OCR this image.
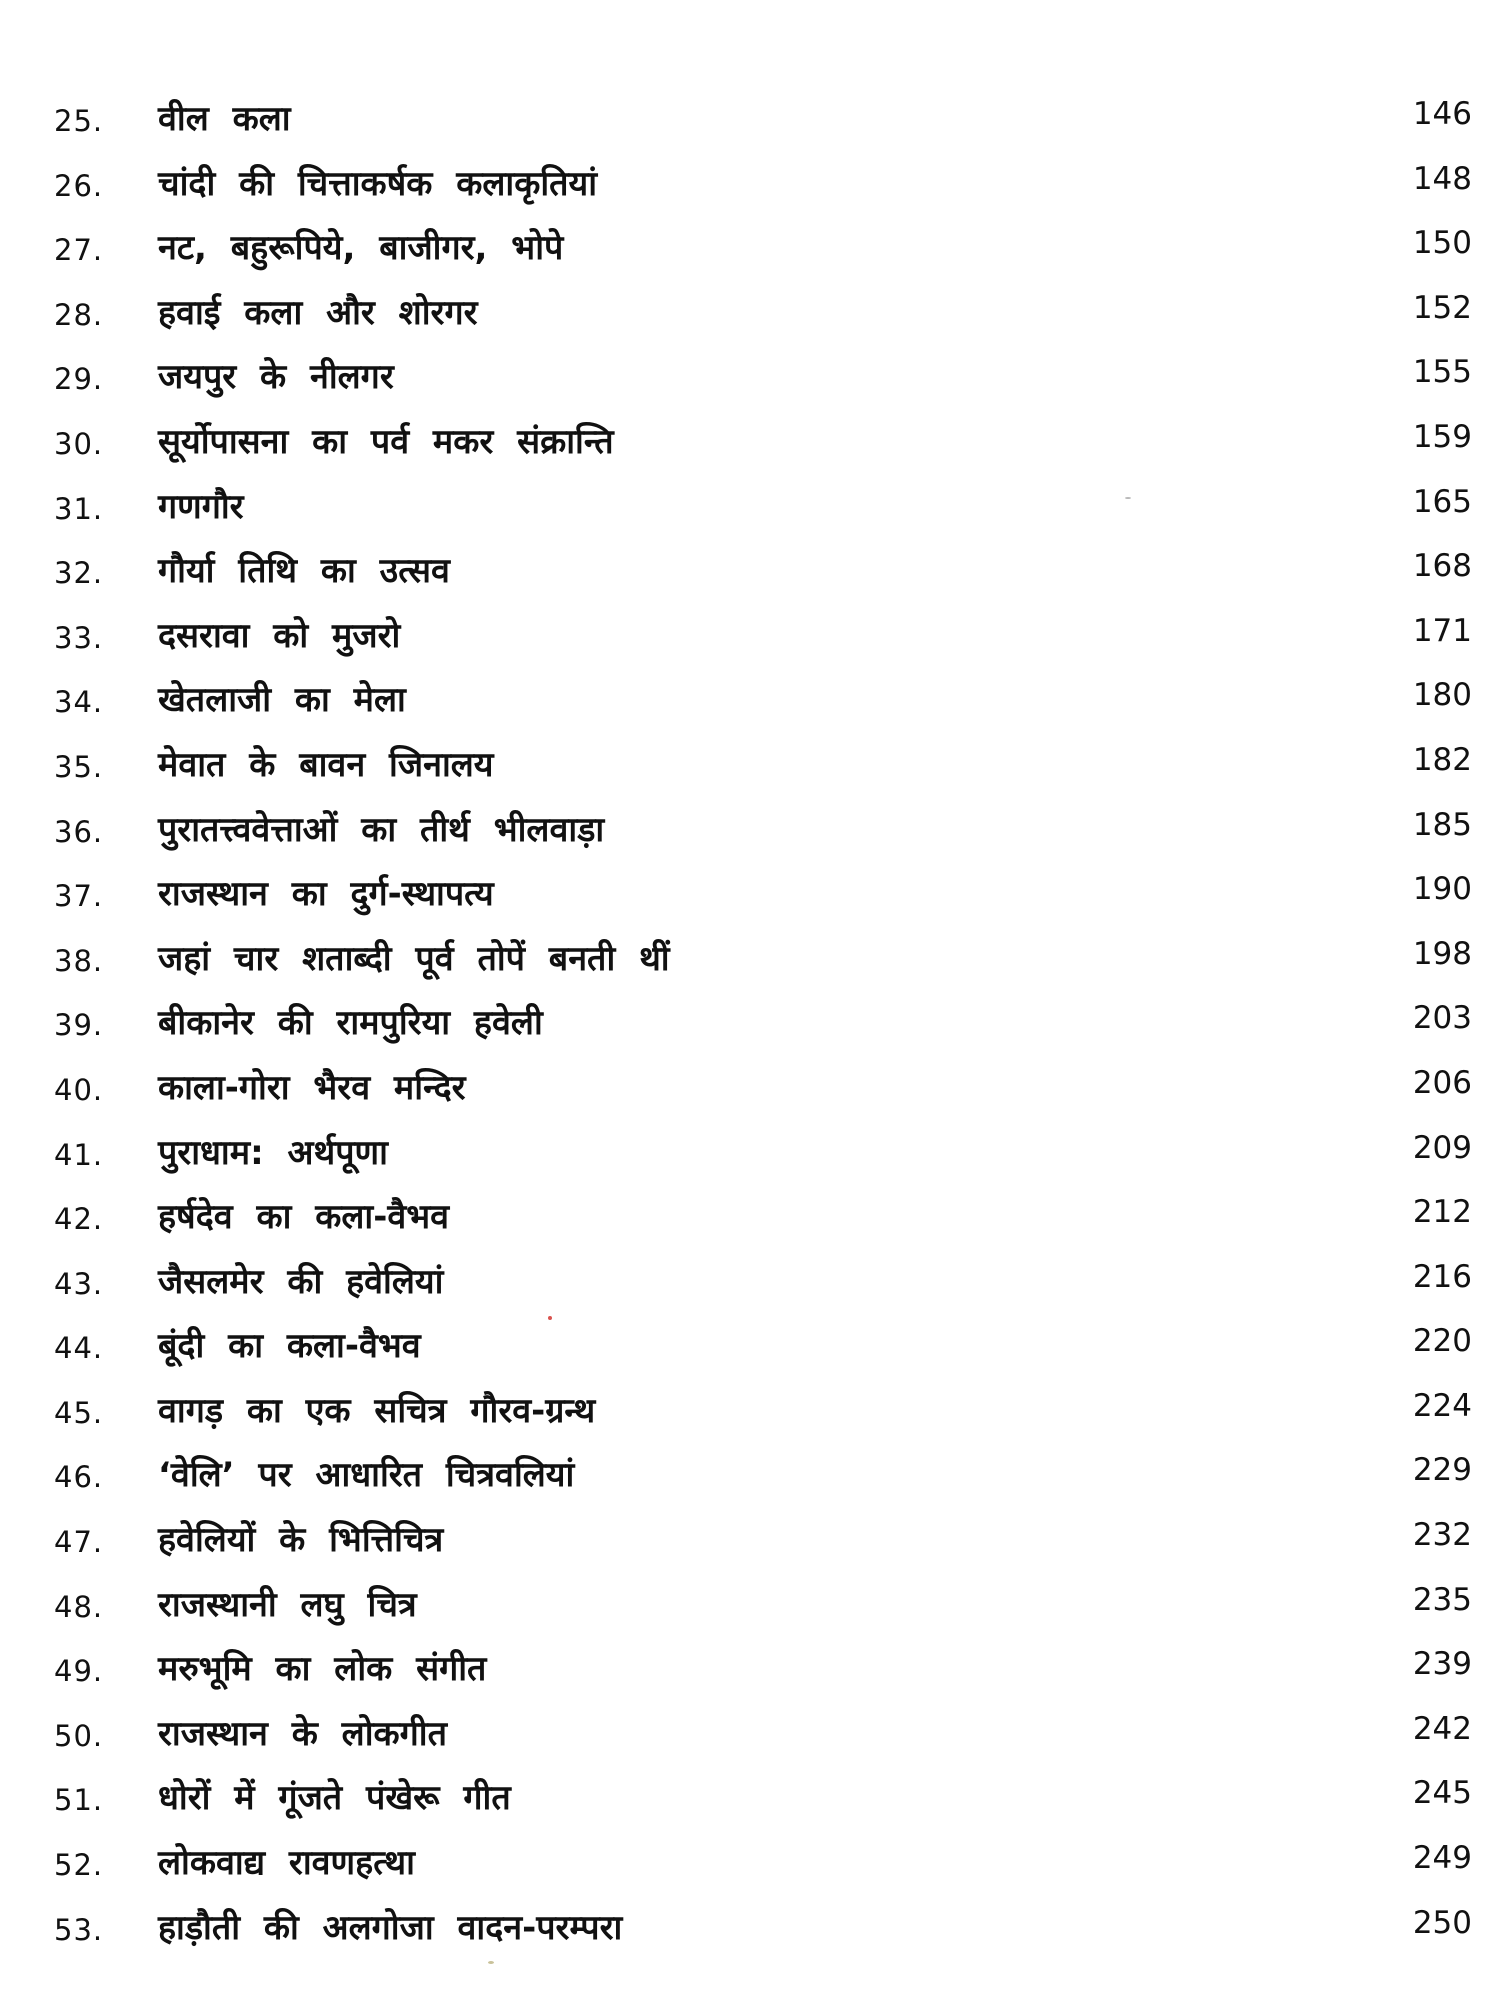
25. वील कला	146
26. चांदी की चित्ताकर्षक कलाकृतियां	148
27. नट, बहुरूपिये, बाजीगर, भोपे	150
28. हवाई कला और शोरगर	152
29. जयपुर के नीलगर	155
30. सूर्योपासना का पर्व मकर संक्रान्ति	159
31. गणगौर	165
32. गौर्या तिथि का उत्सव	168
33. दसरावा को मुजरो	171
34. खेतलाजी का मेला	180
35. मेवात के बावन जिनालय	182
36. पुरातत्त्ववेत्ताओं का तीर्थ भीलवाड़ा	185
37. राजस्थान का दुर्ग-स्थापत्य	190
38. जहां चार शताब्दी पूर्व तोपें बनती थीं	198
39. बीकानेर की रामपुरिया हवेली	203
40. काला-गोरा भैरव मन्दिर	206
41. पुराधाम: अर्थपूणा	209
42. हर्षदेव का कला-वैभव	212
43. जैसलमेर की हवेलियां	216
44. बूंदी का कला-वैभव	220
45. वागड़ का एक सचित्र गौरव-ग्रन्थ	224
46. ‘वेलि’ पर आधारित चित्रवलियां	229
47. हवेलियों के भित्तिचित्र	232
48. राजस्थानी लघु चित्र	235
49. मरुभूमि का लोक संगीत	239
50. राजस्थान के लोकगीत	242
51. धोरों में गूंजते पंखेरू गीत	245
52. लोकवाद्य रावणहत्था	249
53. हाड़ौती की अलगोजा वादन-परम्परा	250
